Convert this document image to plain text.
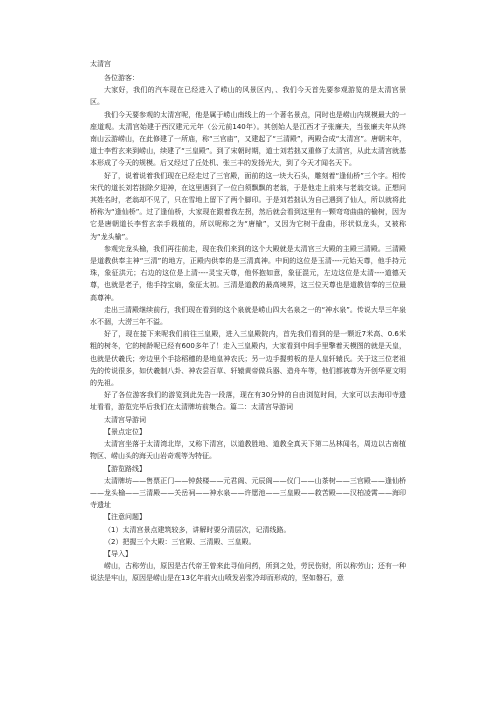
太清宫

各位游客：

大家好，我们的汽车现在已经进入了崂山的风景区内，、我们今天首先要参观游览的是太清宫景区。

我们今天要参观的太清宫呢，他是属于崂山南线上的一个著名景点，同时也是崂山内规模最大的一座道观。太清宫始建于西汉建元元年（公元前140年）。其创始人是江西才子张廉夫，当张廉夫年从终南山云游崂山，在此修建了一所庙，称“三官庙”，又建起了“三清殿”，两殿合成“太清宫”。唐朝末年，道士李哲玄来到崂山，续建了“三皇殿”。到了宋朝时期，道士刘若拙又重修了太清宫，从此太清宫就基本形成了今天的规模。后又经过了丘处机、张三丰的发扬光大，到了今天才闻名天下。

好了，说着说着我们现在已经走过了三官殿，面前的这一块大石头，雕刻着“逢仙桥”三个字。相传宋代的道长刘若拙除夕迎神，在这里遇到了一位白须飘飘的老翁，于是他走上前来与老翁交谈。正想问其姓名时，老翁却不见了，只在雪地上留下了两个脚印。于是刘若拙认为自己遇到了仙人，所以就将此桥称为“逢仙桥”。过了逢仙桥，大家现在跟着我左拐，然后就会看到这里有一颗弯弯曲曲的榆树，因为它是唐朝道长李哲玄亲手栽植的，所以呢称之为“唐榆”，又因为它树干盘曲，形状似龙头，又被称为“龙头榆”。

参观完龙头榆，我们再往前走，现在我们来到的这个大殿就是太清宫三大殿的主殿三清殿。三清殿是道教供奉主神“三清”的地方，正殿内供奉的是三清真神。中间的这位是玉清----元始天尊，他手持元珠，象征洪元；右边的这位是上清----灵宝天尊，他怀抱如意，象征混元，左边这位是太清----道德天尊，也就是老子，他手持宝扇，象征太初。三清是道教的最高境界，这三位天尊也是道教信奉的三位最高尊神。

走出三清殿继续前行，我们现在看到的这个泉就是崂山四大名泉之一的“神水泉”。传说大旱三年泉水不涸，大涝三年不溢。

好了，现在接下来呢我们前往三皇殿，进入三皇殿院内，首先我们看到的是一颗近7米高、0.6米粗的树冬，它的树龄呢已经有600多年了！走入三皇殿内，大家看到中间手里擎着天模图的就是天皇，也就是伏羲氏；旁边里个手捻稻穗的是地皇神农氏；另一边手握剪板的是人皇轩辕氏。关于这三位老祖先的传说很多，如伏羲制八卦、神农尝百草、轩辕黄帝做兵器、造舟车等，他们都被尊为开创华夏文明的先祖。

好了各位游客我们的游览到此先告一段落，现在有30分钟的自由浏览时间，大家可以去海印寺遗址看看，游览完毕后我们在太清牌坊前集合。篇二：太清宫导游词

太清宫导游词

【景点定位】

太清宫坐落于太清湾北岸，又称下清宫，以道教胜地、道教全真天下第二丛林闻名，周边以古南植物区、崂山头的海天山岩奇观等为特征。

【游览路线】

太清牌坊——售票正门——钟鼓楼——元君阁、元辰阁——仪门——山茶树——三官殿——逢仙桥——龙头榆——三清殿——关岳祠——神水泉——许愿池——三皇殿——救苦殿——汉柏凌霄——海印寺遗址

【注意问题】

（1）太清宫景点建筑较多，讲解时要分清层次，记清线路。

（2）把握三个大殿：三官殿、三清殿、三皇殿。

【导入】

崂山，古称劳山，原因是古代帝王曾来此寻仙问药，所到之处，劳民伤财，所以称劳山；还有一种说法是牢山，原因是崂山是在13亿年前火山喷发岩浆冷却而形成的，坚如磐石，意
